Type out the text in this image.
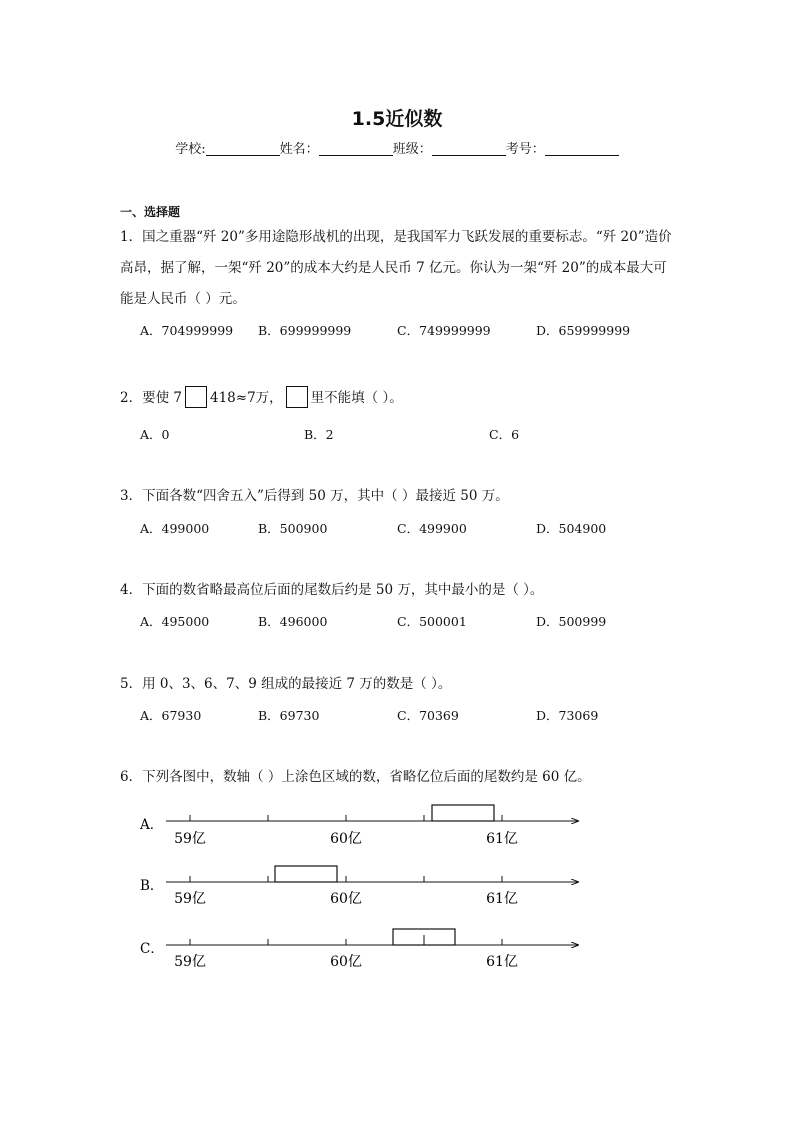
1.5近似数
学校:	姓名：	班级：	考号：
一、选择题
1．国之重器“歼 20”多用途隐形战机的出现，是我国军力飞跃发展的重要标志。“歼 20”造价
高昂，据了解，一架“歼 20”的成本大约是人民币 7 亿元。你认为一架“歼 20”的成本最大可
能是人民币（ ）元。
A．704999999 B．699999999	C．749999999	D．659999999
2．要使 7 418≈7万， 里不能填（ ）。
A．0	B．2	C．6
3．下面各数“四舍五入”后得到 50 万，其中（ ）最接近 50 万。
A．499000	B．500900	C．499900	D．504900
4．下面的数省略最高位后面的尾数后约是 50 万，其中最小的是（ ）。
A．495000	B．496000	C．500001	D．500999
5．用 0、3、6、7、9 组成的最接近 7 万的数是（ ）。
A．67930	B．69730	C．70369	D．73069
6．下列各图中，数轴（ ）上涂色区域的数，省略亿位后面的尾数约是 60 亿。
A．
59亿	60亿	61亿
B．
59亿	60亿	61亿
C．
59亿	60亿	61亿
